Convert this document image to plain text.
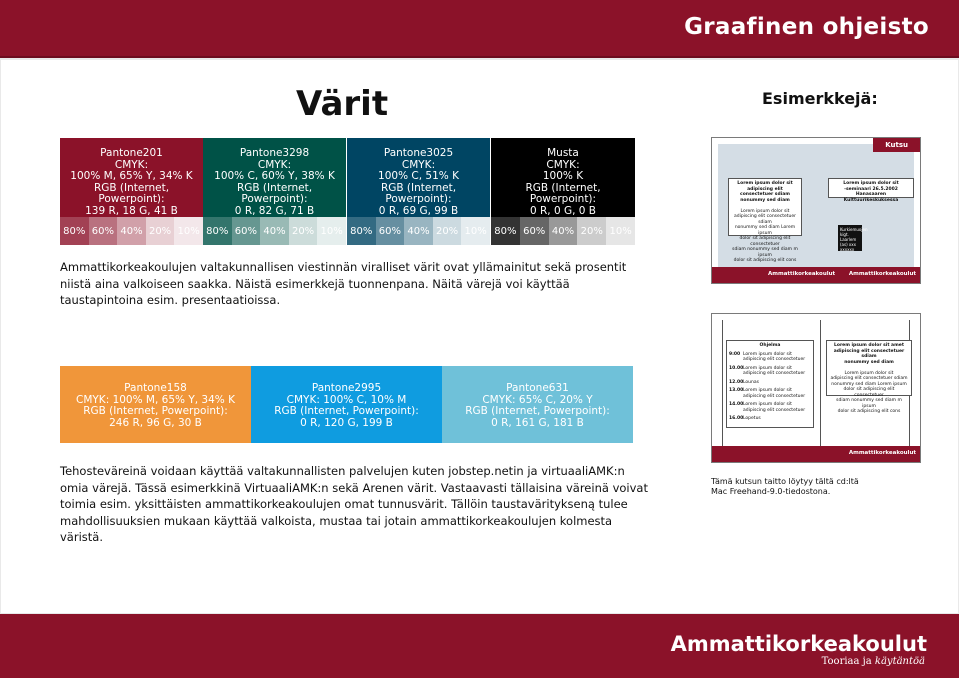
Graafinen ohjeisto
Värit	Esimerkkejä:
Pantone201
CMYK:
100% M, 65% Y, 34% K
RGB (Internet, Powerpoint):
139 R, 18 G, 41 B
80% 60% 40% 20% 10%
Pantone3298
CMYK:
100% C, 60% Y, 38% K
RGB (Internet, Powerpoint):
0 R, 82 G, 71 B
80% 60% 40% 20% 10%
Pantone3025
CMYK:
100% C, 51% K
RGB (Internet, Powerpoint):
0 R, 69 G, 99 B
80% 60% 40% 20% 10%
Musta
CMYK:
100% K
RGB (Internet, Powerpoint):
0 R, 0 G, 0 B
80% 60% 40% 20% 10%
Ammattikorkeakoulujen valtakunnallisen viestinnän viralliset värit ovat yllämainitut sekä prosentit niistä aina valkoiseen saakka. Näistä esimerkkejä tuonnenpana. Näitä värejä voi käyttää taustapintoina esim. presentaatioissa.
Pantone158
CMYK: 100% M, 65% Y, 34% K
RGB (Internet, Powerpoint):
246 R, 96 G, 30 B
Pantone2995
CMYK: 100% C, 10% M
RGB (Internet, Powerpoint):
0 R, 120 G, 199 B
Pantone631
CMYK: 65% C, 20% Y
RGB (Internet, Powerpoint):
0 R, 161 G, 181 B
Tehosteväreinä voidaan käyttää valtakunnallisten palvelujen kuten jobstep.netin ja virtuaaliAMK:n omia värejä. Tässä esimerkkinä VirtuaaliAMK:n sekä Arenen värit. Vastaavasti tällaisina väreinä voivat toimia esim. yksittäisten ammattikorkeakoulujen omat tunnusvärit. Tällöin taustaväritykseną tulee mahdollisuuksien mukaan käyttää valkoista, mustaa tai jotain ammattikorkeakoulujen kolmesta väristä.
Kutsu
Lorem ipsum dolor sit
adipiscing elit consectetuer sdiam
nonummy sed diam

Lorem ipsum dolor sit
adipiscing elit consectetuer sdiam
nonummy sed diam Lorem ipsum
dolor sit adipiscing elit consectetuer
sdiam nonummy sed diam m ipsum
dolor sit adipiscing elit cons
Lorem ipsum dolor sit
-seminaari 26.5.2002
Hanasaaren Kulttuurikeskuksessa
Kurkiemuojen
kigt. Laarlem
(as) xxx xxxxxx
Ammattikorkeakoulut Ammattikorkeakoulut
Ohjelma
9:00 Lorem ipsum dolor sit adipiscing elit consectetuer
10.00 Lorem ipsum dolor sit adipiscing elit consectetuer
12.00 Lounas
13.00 Lorem ipsum dolor sit adipiscing elit consectetuer
14.00 Lorem ipsum dolor sit adipiscing elit consectetuer
16.00 Lopetus
Lorem ipsum dolor sit amet
adipiscing elit consectetuer sdiam
nonummy sed diam

Lorem ipsum dolor sit
adipiscing elit consectetuer sdiam
nonummy sed diam Lorem ipsum
dolor sit adipiscing elit consectetuer
sdiam nonummy sed diam m ipsum
dolor sit adipiscing elit cons
Ammattikorkeakoulut
Tämä kutsun taitto löytyy tältä cd:ltä
Mac Freehand-9.0-tiedostona.
Ammattikorkeakoulut
Tooriaa ja käytäntöä
